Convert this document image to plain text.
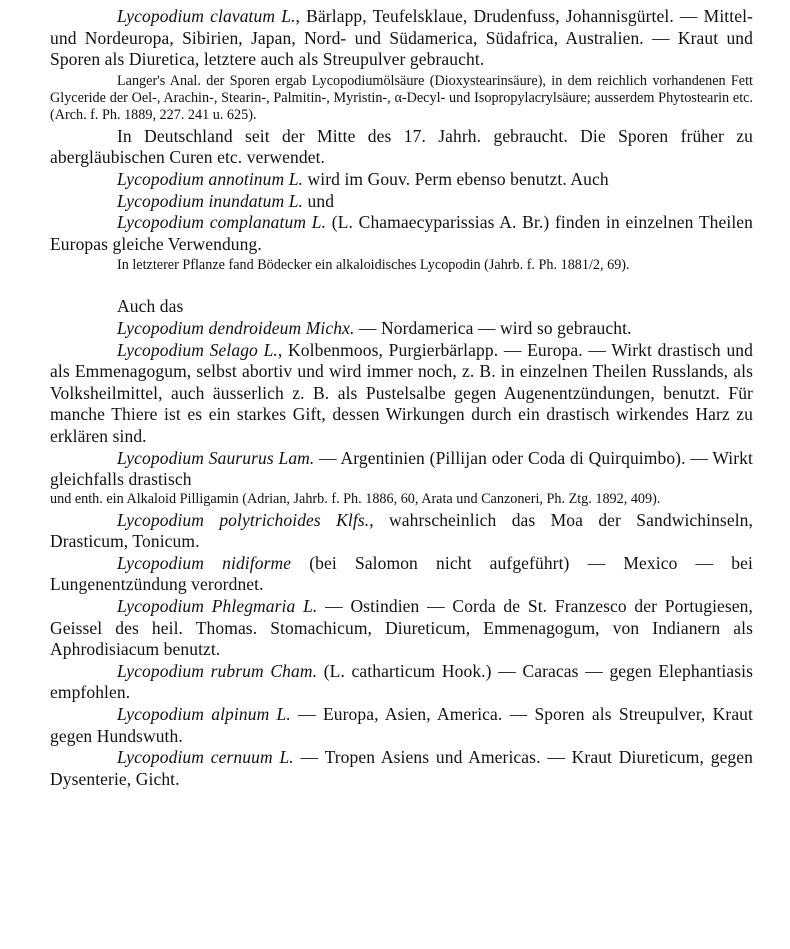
Lycopodium clavatum L., Bärlapp, Teufelsklaue, Drudenfuss, Johannisgürtel. — Mittel- und Nordeuropa, Sibirien, Japan, Nord- und Südamerica, Südafrica, Australien. — Kraut und Sporen als Diuretica, letztere auch als Streupulver gebraucht.

Langer's Anal. der Sporen ergab Lycopodiumölsäure (Dioxystearinsäure), in dem reichlich vorhandenen Fett Glyceride der Oel-, Arachin-, Stearin-, Palmitin-, Myristin-, α-Decyl- und Isopropylacrylsäure; ausserdem Phytostearin etc. (Arch. f. Ph. 1889, 227. 241 u. 625).

In Deutschland seit der Mitte des 17. Jahrh. gebraucht. Die Sporen früher zu abergläubischen Curen etc. verwendet.

Lycopodium annotinum L. wird im Gouv. Perm ebenso benutzt. Auch

Lycopodium inundatum L. und

Lycopodium complanatum L. (L. Chamaecyparissias A. Br.) finden in einzelnen Theilen Europas gleiche Verwendung.

In letzterer Pflanze fand Bödecker ein alkaloidisches Lycopodin (Jahrb. f. Ph. 1881/2, 69).

Auch das

Lycopodium dendroideum Michx. — Nordamerica — wird so gebraucht.

Lycopodium Selago L., Kolbenmoos, Purgierbärlapp. — Europa. — Wirkt drastisch und als Emmenagogum, selbst abortiv und wird immer noch, z. B. in einzelnen Theilen Russlands, als Volksheilmittel, auch äusserlich z. B. als Pustelsalbe gegen Augenentzündungen, benutzt. Für manche Thiere ist es ein starkes Gift, dessen Wirkungen durch ein drastisch wirkendes Harz zu erklären sind.

Lycopodium Saururus Lam. — Argentinien (Pillijan oder Coda di Quirquimbo). — Wirkt gleichfalls drastisch

und enth. ein Alkaloid Pilligamin (Adrian, Jahrb. f. Ph. 1886, 60, Arata und Canzoneri, Ph. Ztg. 1892, 409).

Lycopodium polytrichoides Klfs., wahrscheinlich das Moa der Sandwichinseln, Drasticum, Tonicum.

Lycopodium nidiforme (bei Salomon nicht aufgeführt) — Mexico — bei Lungenentzündung verordnet.

Lycopodium Phlegmaria L. — Ostindien — Corda de St. Franzesco der Portugiesen, Geissel des heil. Thomas. Stomachicum, Diureticum, Emmenagogum, von Indianern als Aphrodisiacum benutzt.

Lycopodium rubrum Cham. (L. catharticum Hook.) — Caracas — gegen Elephantiasis empfohlen.

Lycopodium alpinum L. — Europa, Asien, America. — Sporen als Streupulver, Kraut gegen Hundswuth.

Lycopodium cernuum L. — Tropen Asiens und Americas. — Kraut Diureticum, gegen Dysenterie, Gicht.
